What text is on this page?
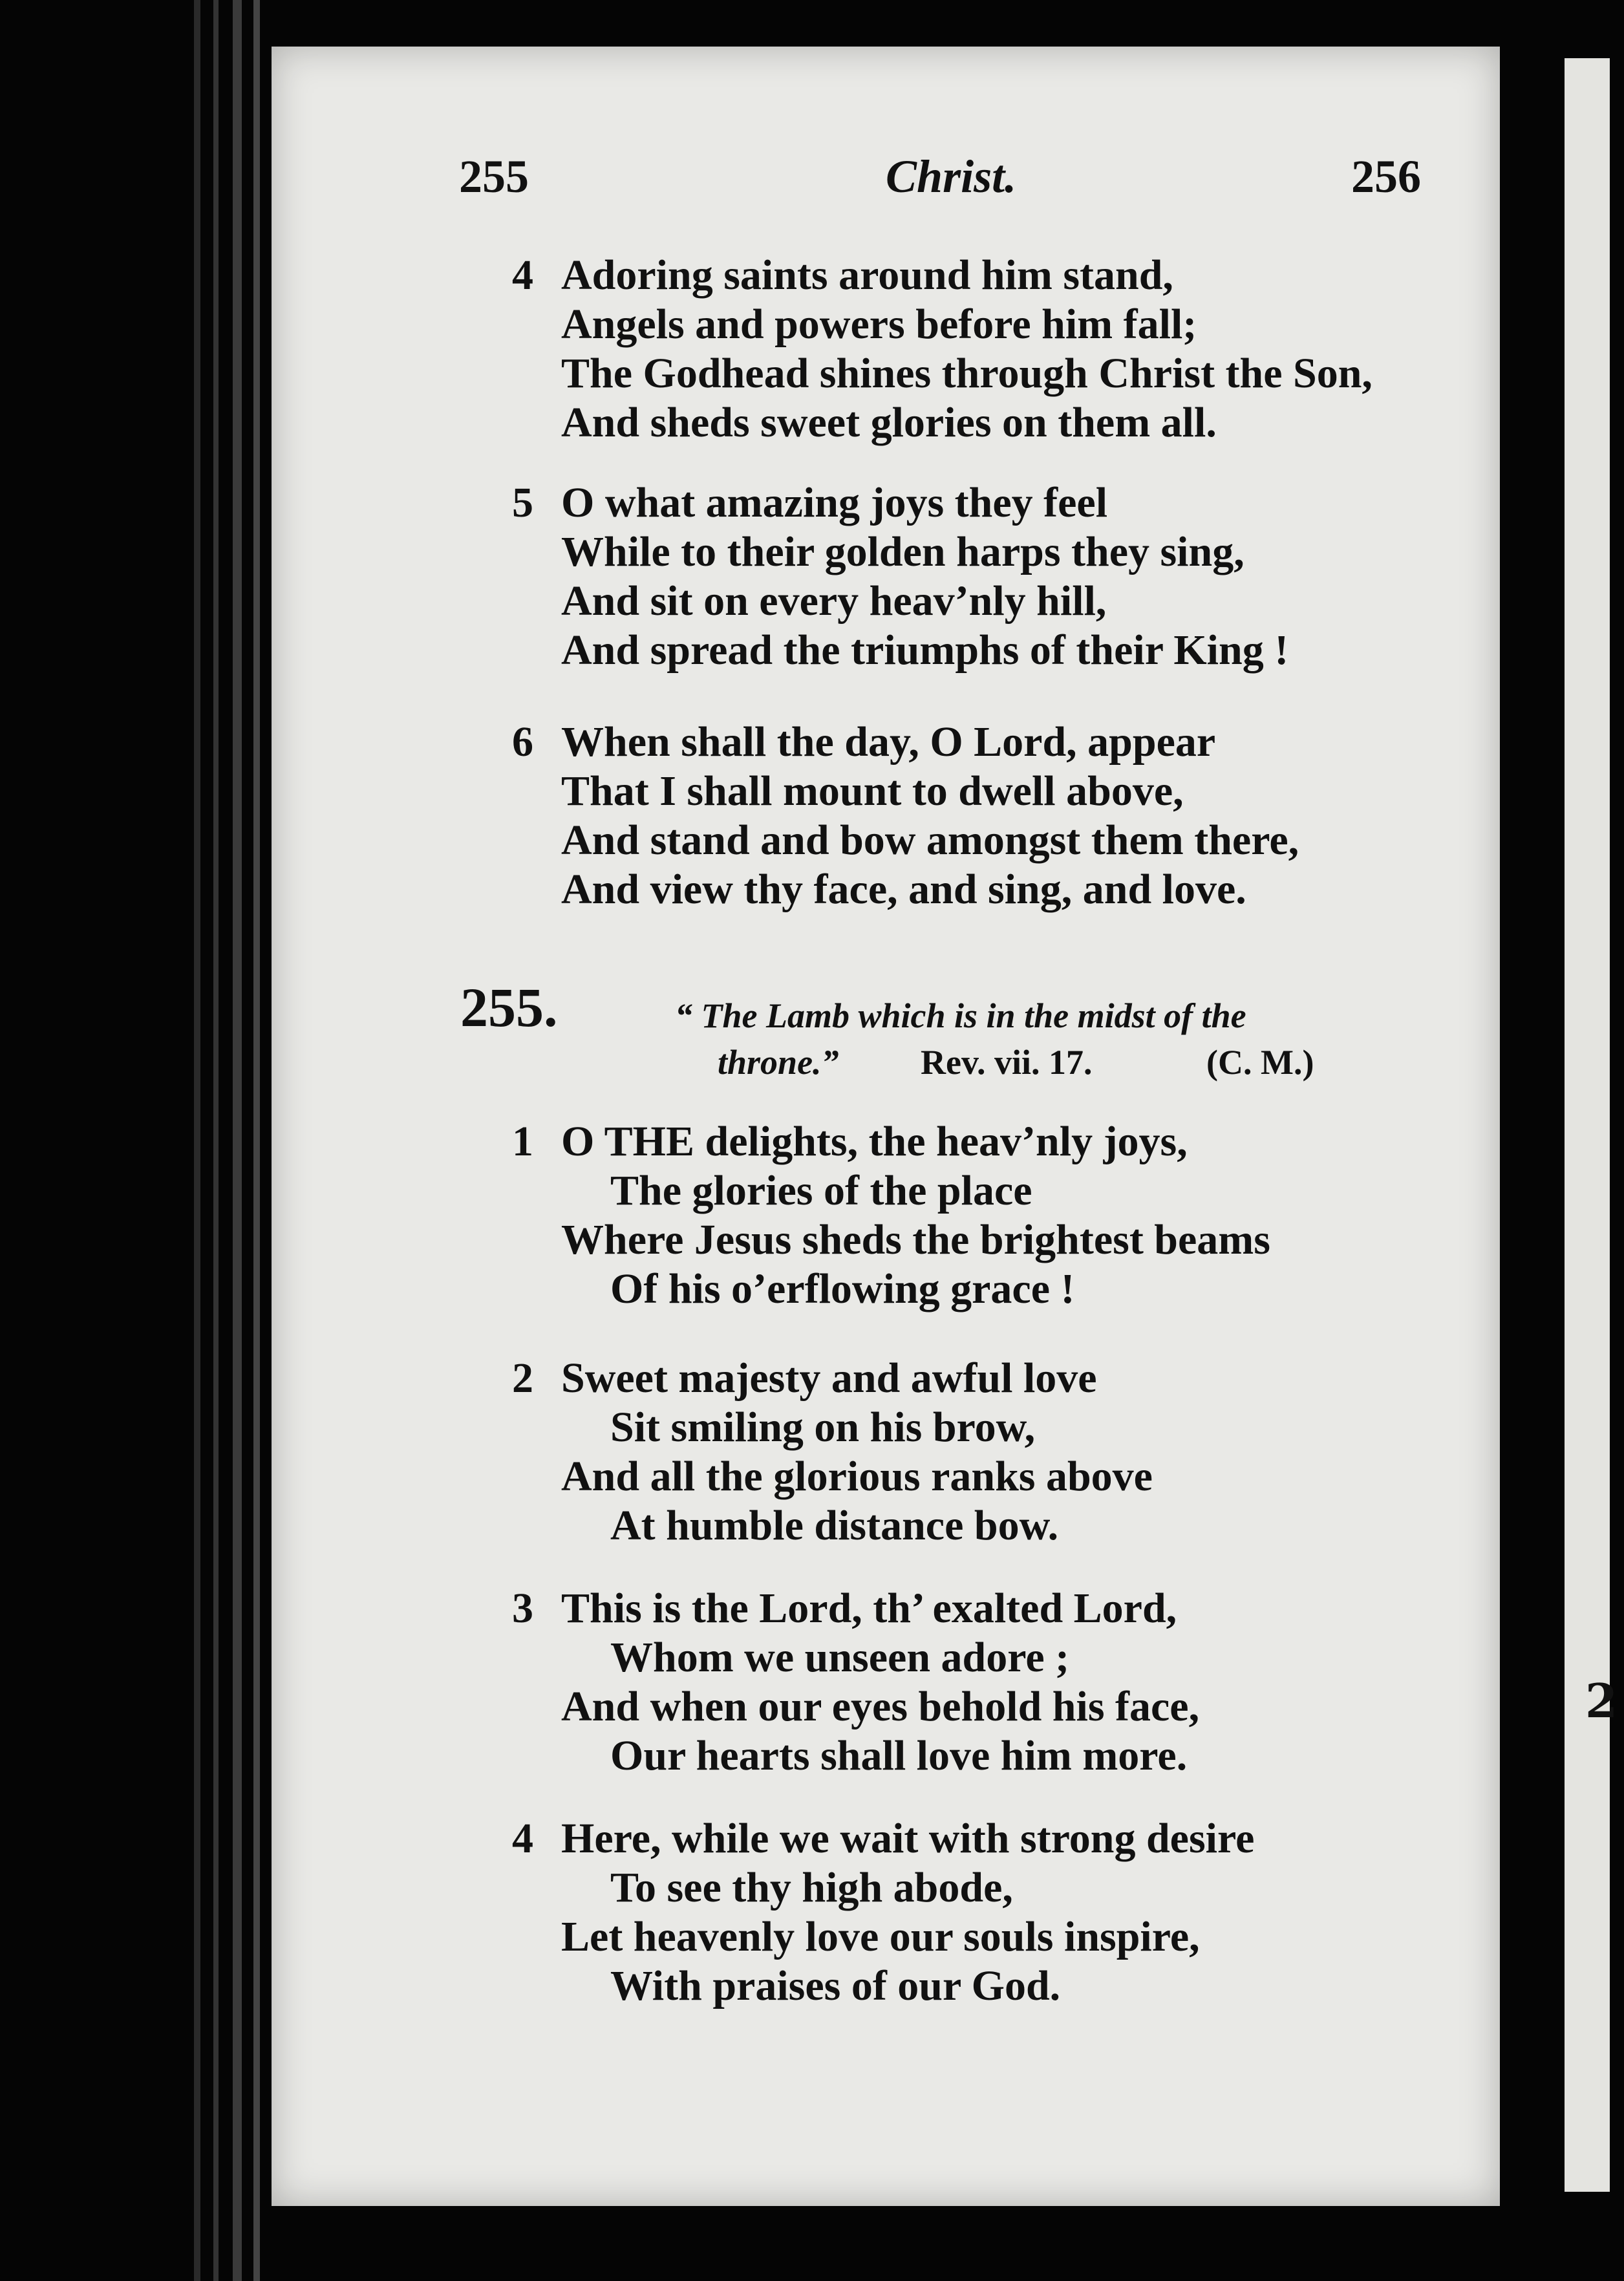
2
255	Christ.	256
4 Adoring saints around him stand,
Angels and powers before him fall;
The Godhead shines through Christ the Son,
And sheds sweet glories on them all.
5 O what amazing joys they feel
While to their golden harps they sing,
And sit on every heav’nly hill,
And spread the triumphs of their King !
6 When shall the day, O Lord, appear
That I shall mount to dwell above,
And stand and bow amongst them there,
And view thy face, and sing, and love.
255.	“ The Lamb which is in the midst of the
throne.” Rev. vii. 17.	(C. M.)
1 O THE delights, the heav’nly joys,
The glories of the place
Where Jesus sheds the brightest beams
Of his o’erflowing grace !
2 Sweet majesty and awful love
Sit smiling on his brow,
And all the glorious ranks above
At humble distance bow.
3 This is the Lord, th’ exalted Lord,
Whom we unseen adore ;
And when our eyes behold his face,
Our hearts shall love him more.
4 Here, while we wait with strong desire
To see thy high abode,
Let heavenly love our souls inspire,
With praises of our God.
